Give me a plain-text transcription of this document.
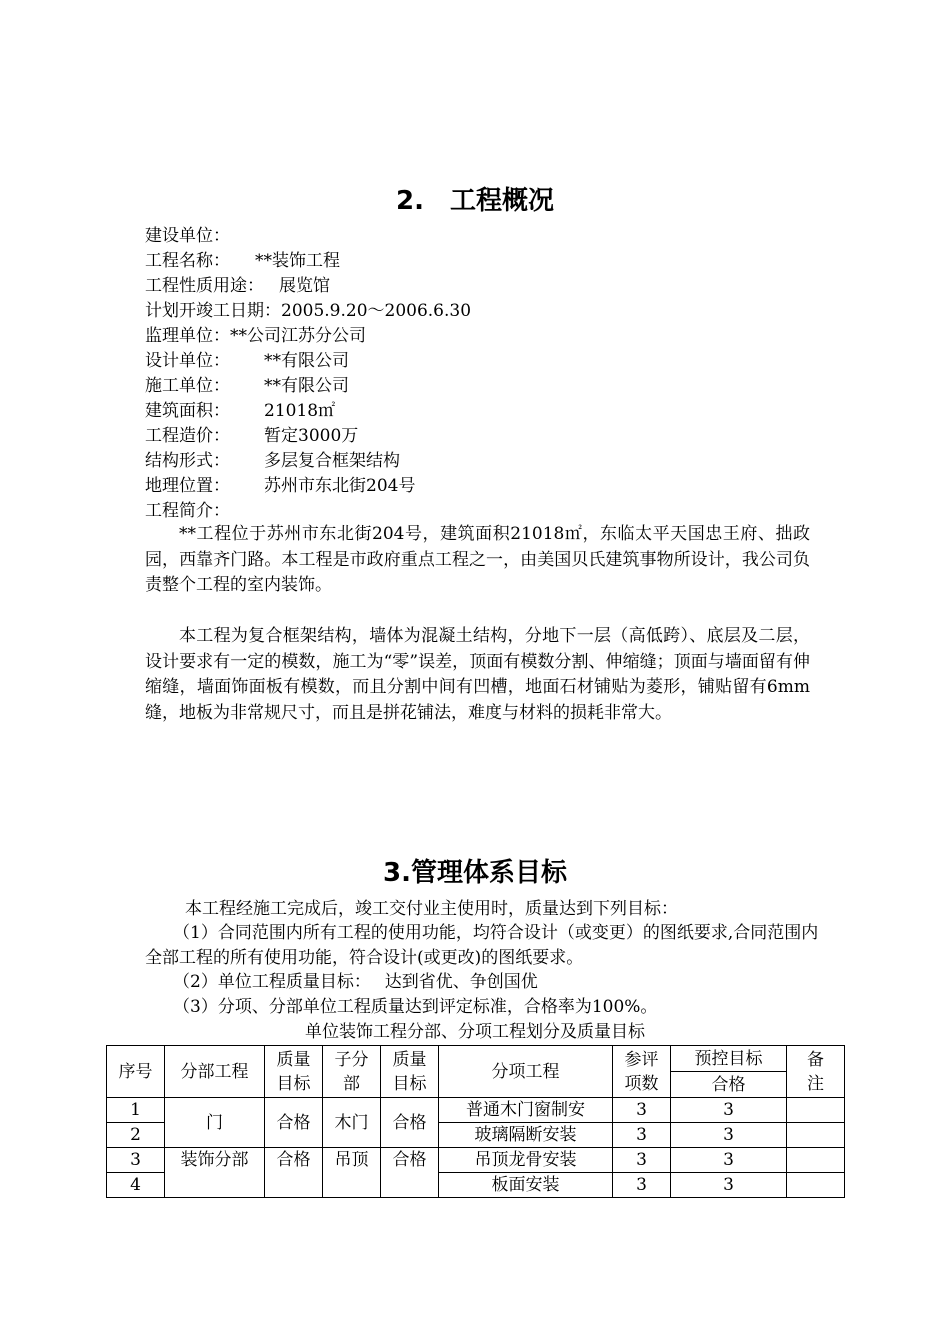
2.　工程概况
建设单位：
工程名称： **装饰工程
工程性质用途： 展览馆
计划开竣工日期：2005.9.20～2006.6.30
监理单位：**公司江苏分公司
设计单位： **有限公司
施工单位： **有限公司
建筑面积： 21018㎡
工程造价： 暂定3000万
结构形式： 多层复合框架结构
地理位置： 苏州市东北街204号
工程简介：

**工程位于苏州市东北街204号，建筑面积21018㎡，东临太平天国忠王府、拙政园，西靠齐门路。本工程是市政府重点工程之一，由美国贝氏建筑事物所设计，我公司负责整个工程的室内装饰。

本工程为复合框架结构，墙体为混凝土结构，分地下一层（高低跨）、底层及二层，设计要求有一定的模数，施工为“零”误差，顶面有模数分割、伸缩缝；顶面与墙面留有伸缩缝，墙面饰面板有模数，而且分割中间有凹槽，地面石材铺贴为菱形，铺贴留有6mm缝，地板为非常规尺寸，而且是拼花铺法，难度与材料的损耗非常大。

3.管理体系目标

本工程经施工完成后，竣工交付业主使用时，质量达到下列目标：

（1）合同范围内所有工程的使用功能，均符合设计（或变更）的图纸要求,合同范围内全部工程的所有使用功能，符合设计(或更改)的图纸要求。

（2）单位工程质量目标：　 达到省优、争创国优

（3）分项、分部单位工程质量达到评定标准，合格率为100%。

单位装饰工程分部、分项工程划分及质量目标
序号	分部工程	质量目标	子分部	质量目标	分项工程	参评项数	预控目标	备注
							合格	
1	门	合格	木门	合格	普通木门窗制安	3	3	
2					玻璃隔断安装	3	3	
3	装饰分部	合格	吊顶	合格	吊顶龙骨安装	3	3	
4					板面安装	3	3	
